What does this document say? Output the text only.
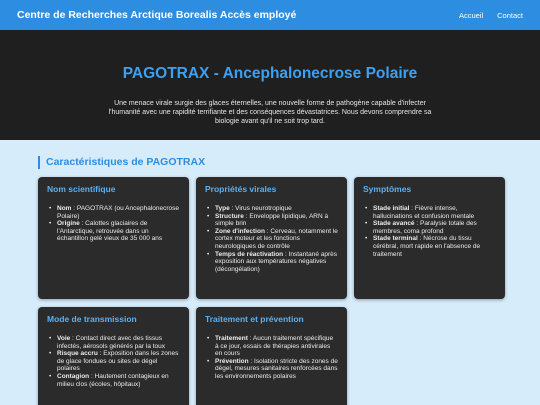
Centre de Recherches Arctique Borealis Accès employé	Accueil Contact
PAGOTRAX - Ancephalonecrose Polaire

Une menace virale surgie des glaces éternelles, une nouvelle forme de pathogène capable d'infecter l'humanité avec une rapidité terrifiante et des conséquences dévastatrices. Nous devons comprendre sa biologie avant qu'il ne soit trop tard.

Caractéristiques de PAGOTRAX
Nom scientifique
• Nom : PAGOTRAX (ou Ancephalonecrose Polaire)
• Origine : Calottes glaciaires de l'Antarctique, retrouvée dans un échantillon gelé vieux de 35 000 ans
Propriétés virales
• Type : Virus neurotropique
• Structure : Enveloppe lipidique, ARN à simple brin
• Zone d'infection : Cerveau, notamment le cortex moteur et les fonctions neurologiques de contrôle
• Temps de réactivation : Instantané après exposition aux températures négatives (décongélation)
Symptômes
• Stade initial : Fièvre intense, hallucinations et confusion mentale
• Stade avancé : Paralysie totale des membres, coma profond
• Stade terminal : Nécrose du tissu cérébral, mort rapide en l'absence de traitement
Mode de transmission
• Voie : Contact direct avec des tissus infectés, aérosols générés par la toux
• Risque accru : Exposition dans les zones de glace fondues ou sites de dégel polaires
• Contagion : Hautement contagieux en milieu clos (écoles, hôpitaux)
Traitement et prévention
• Traitement : Aucun traitement spécifique à ce jour, essais de thérapies antivirales en cours
• Prévention : Isolation stricte des zones de dégel, mesures sanitaires renforcées dans les environnements polaires
